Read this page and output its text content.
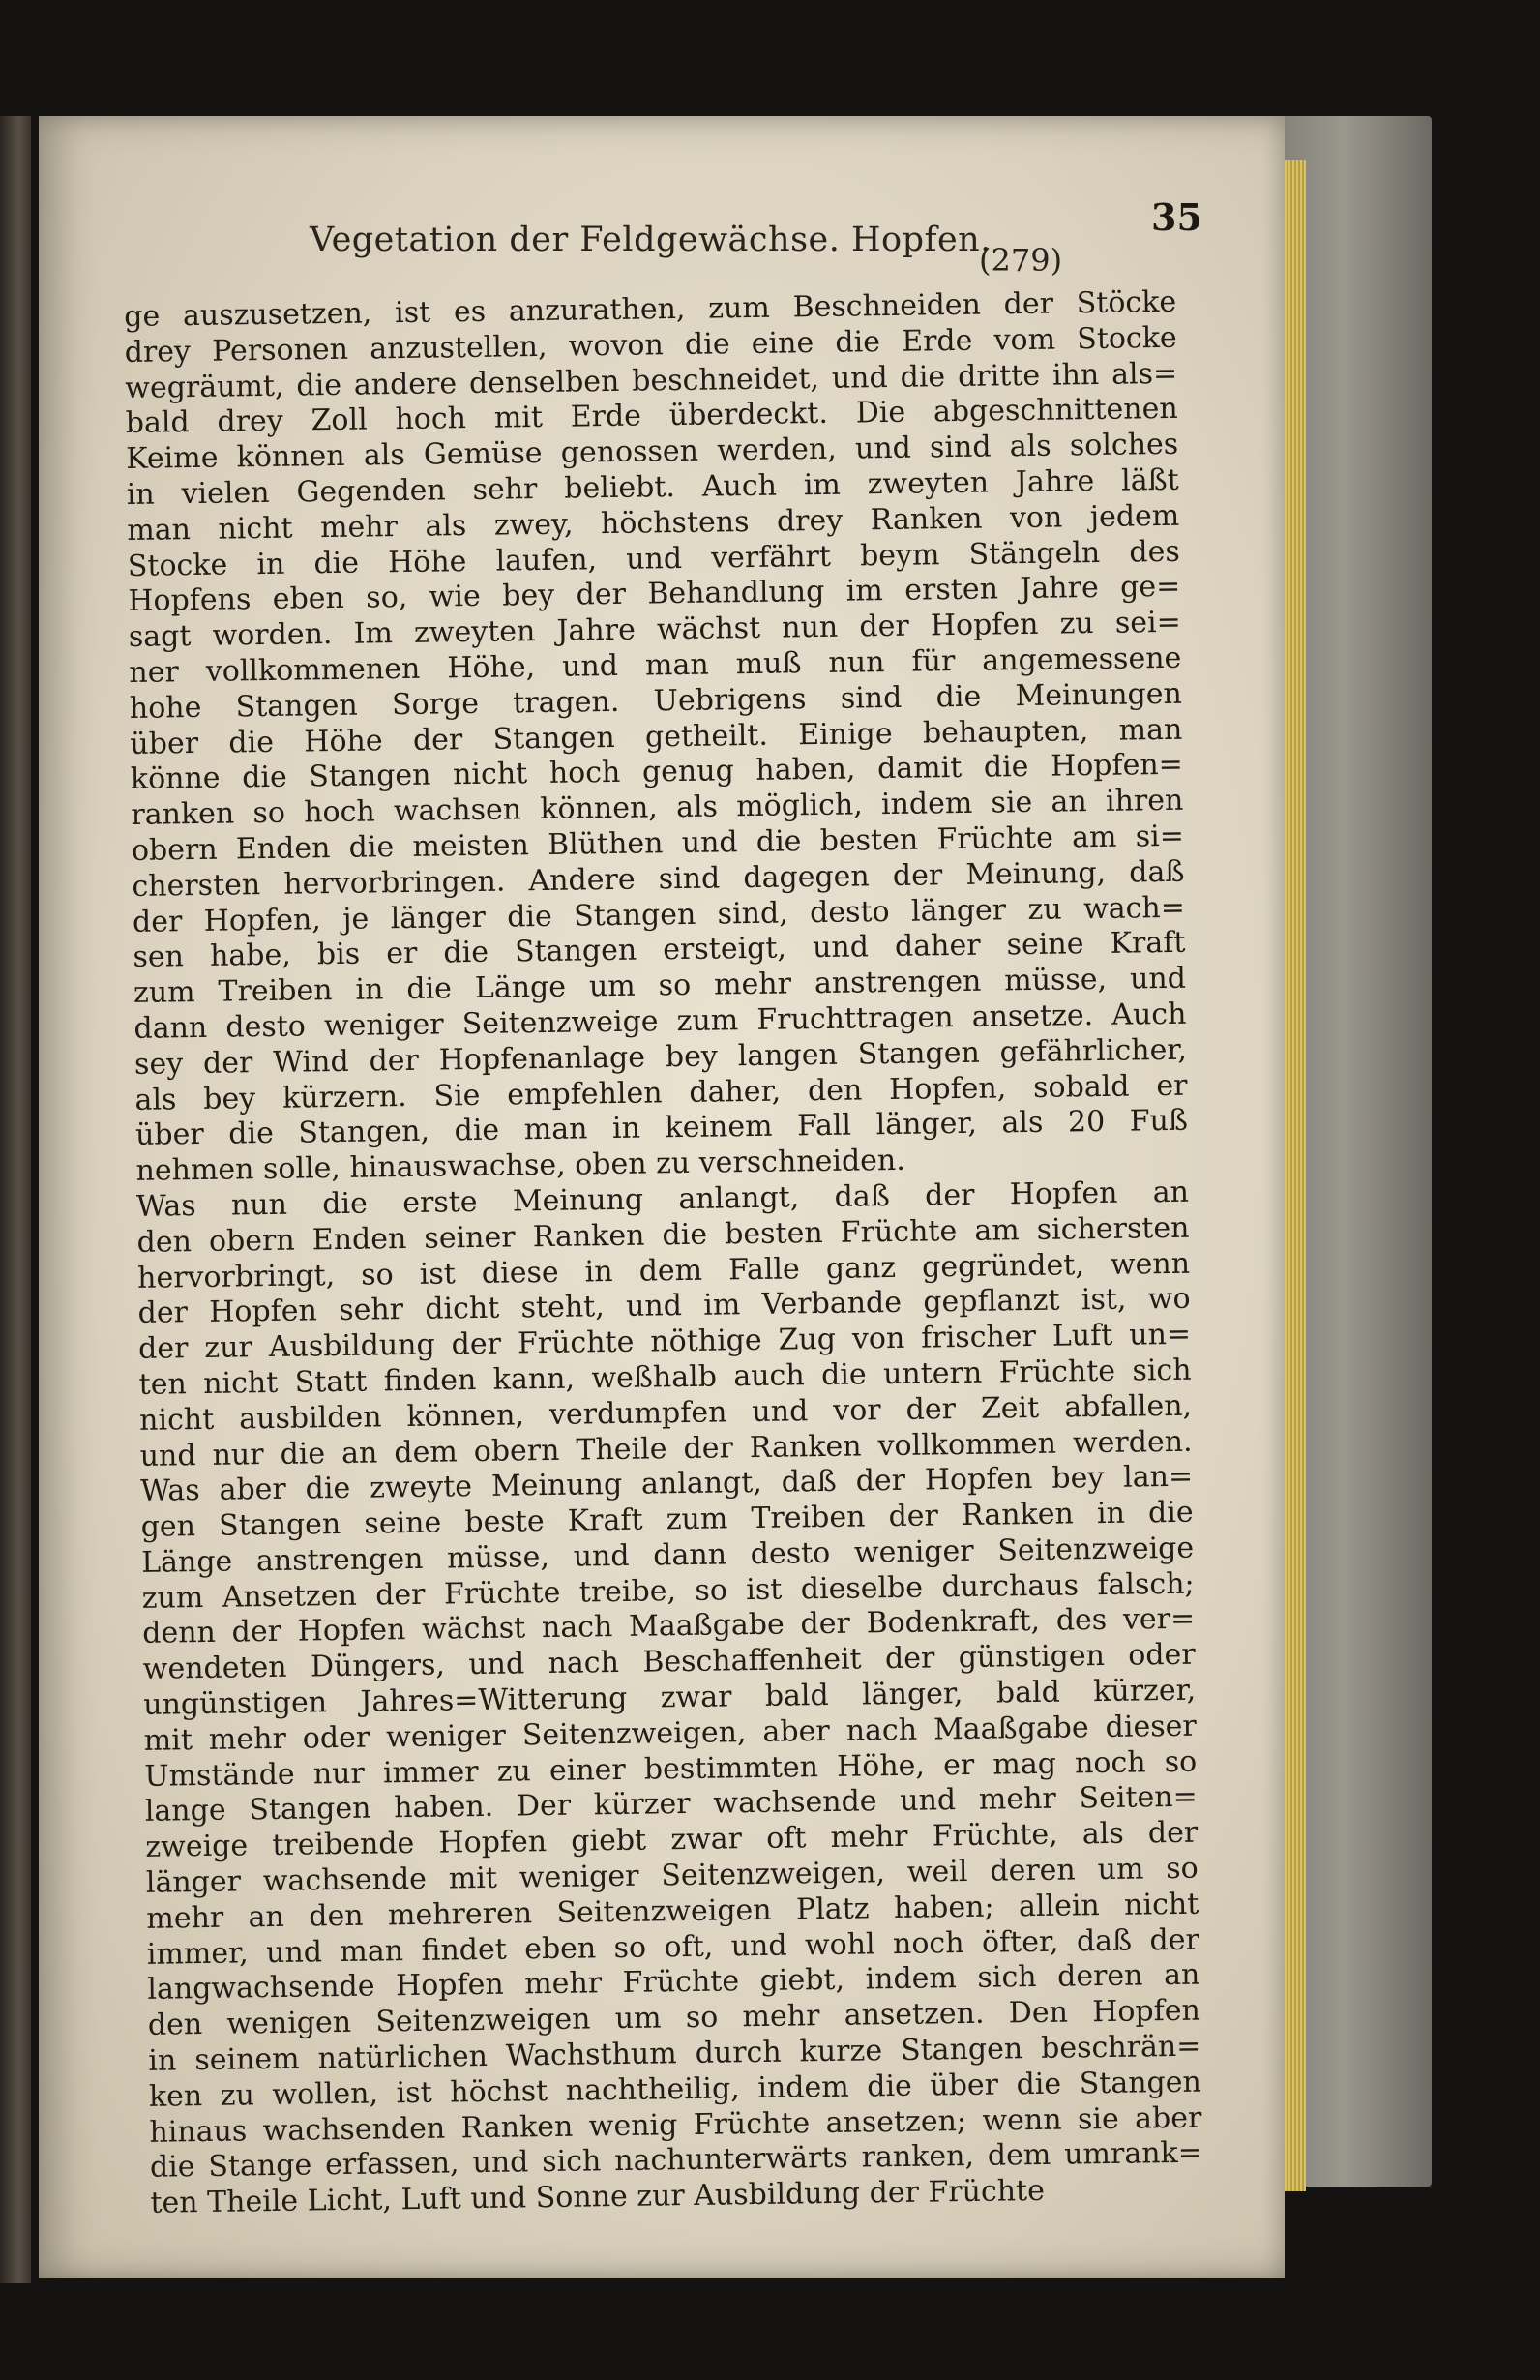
Vegetation der Feldgewächse. Hopfen.
35
(279)
ge auszusetzen, ist es anzurathen, zum Beschneiden der Stöcke
drey Personen anzustellen, wovon die eine die Erde vom Stocke
wegräumt, die andere denselben beschneidet, und die dritte ihn als=
bald drey Zoll hoch mit Erde überdeckt. Die abgeschnittenen
Keime können als Gemüse genossen werden, und sind als solches
in vielen Gegenden sehr beliebt. Auch im zweyten Jahre läßt
man nicht mehr als zwey, höchstens drey Ranken von jedem
Stocke in die Höhe laufen, und verfährt beym Stängeln des
Hopfens eben so, wie bey der Behandlung im ersten Jahre ge=
sagt worden. Im zweyten Jahre wächst nun der Hopfen zu sei=
ner vollkommenen Höhe, und man muß nun für angemessene
hohe Stangen Sorge tragen. Uebrigens sind die Meinungen
über die Höhe der Stangen getheilt. Einige behaupten, man
könne die Stangen nicht hoch genug haben, damit die Hopfen=
ranken so hoch wachsen können, als möglich, indem sie an ihren
obern Enden die meisten Blüthen und die besten Früchte am si=
chersten hervorbringen. Andere sind dagegen der Meinung, daß
der Hopfen, je länger die Stangen sind, desto länger zu wach=
sen habe, bis er die Stangen ersteigt, und daher seine Kraft
zum Treiben in die Länge um so mehr anstrengen müsse, und
dann desto weniger Seitenzweige zum Fruchttragen ansetze. Auch
sey der Wind der Hopfenanlage bey langen Stangen gefährlicher,
als bey kürzern. Sie empfehlen daher, den Hopfen, sobald er
über die Stangen, die man in keinem Fall länger, als 20 Fuß
nehmen solle, hinauswachse, oben zu verschneiden.
Was nun die erste Meinung anlangt, daß der Hopfen an
den obern Enden seiner Ranken die besten Früchte am sichersten
hervorbringt, so ist diese in dem Falle ganz gegründet, wenn
der Hopfen sehr dicht steht, und im Verbande gepflanzt ist, wo
der zur Ausbildung der Früchte nöthige Zug von frischer Luft un=
ten nicht Statt finden kann, weßhalb auch die untern Früchte sich
nicht ausbilden können, verdumpfen und vor der Zeit abfallen,
und nur die an dem obern Theile der Ranken vollkommen werden.
Was aber die zweyte Meinung anlangt, daß der Hopfen bey lan=
gen Stangen seine beste Kraft zum Treiben der Ranken in die
Länge anstrengen müsse, und dann desto weniger Seitenzweige
zum Ansetzen der Früchte treibe, so ist dieselbe durchaus falsch;
denn der Hopfen wächst nach Maaßgabe der Bodenkraft, des ver=
wendeten Düngers, und nach Beschaffenheit der günstigen oder
ungünstigen Jahres=Witterung zwar bald länger, bald kürzer,
mit mehr oder weniger Seitenzweigen, aber nach Maaßgabe dieser
Umstände nur immer zu einer bestimmten Höhe, er mag noch so
lange Stangen haben. Der kürzer wachsende und mehr Seiten=
zweige treibende Hopfen giebt zwar oft mehr Früchte, als der
länger wachsende mit weniger Seitenzweigen, weil deren um so
mehr an den mehreren Seitenzweigen Platz haben; allein nicht
immer, und man findet eben so oft, und wohl noch öfter, daß der
langwachsende Hopfen mehr Früchte giebt, indem sich deren an
den wenigen Seitenzweigen um so mehr ansetzen. Den Hopfen
in seinem natürlichen Wachsthum durch kurze Stangen beschrän=
ken zu wollen, ist höchst nachtheilig, indem die über die Stangen
hinaus wachsenden Ranken wenig Früchte ansetzen; wenn sie aber
die Stange erfassen, und sich nachunterwärts ranken, dem umrank=
ten Theile Licht, Luft und Sonne zur Ausbildung der Früchte
